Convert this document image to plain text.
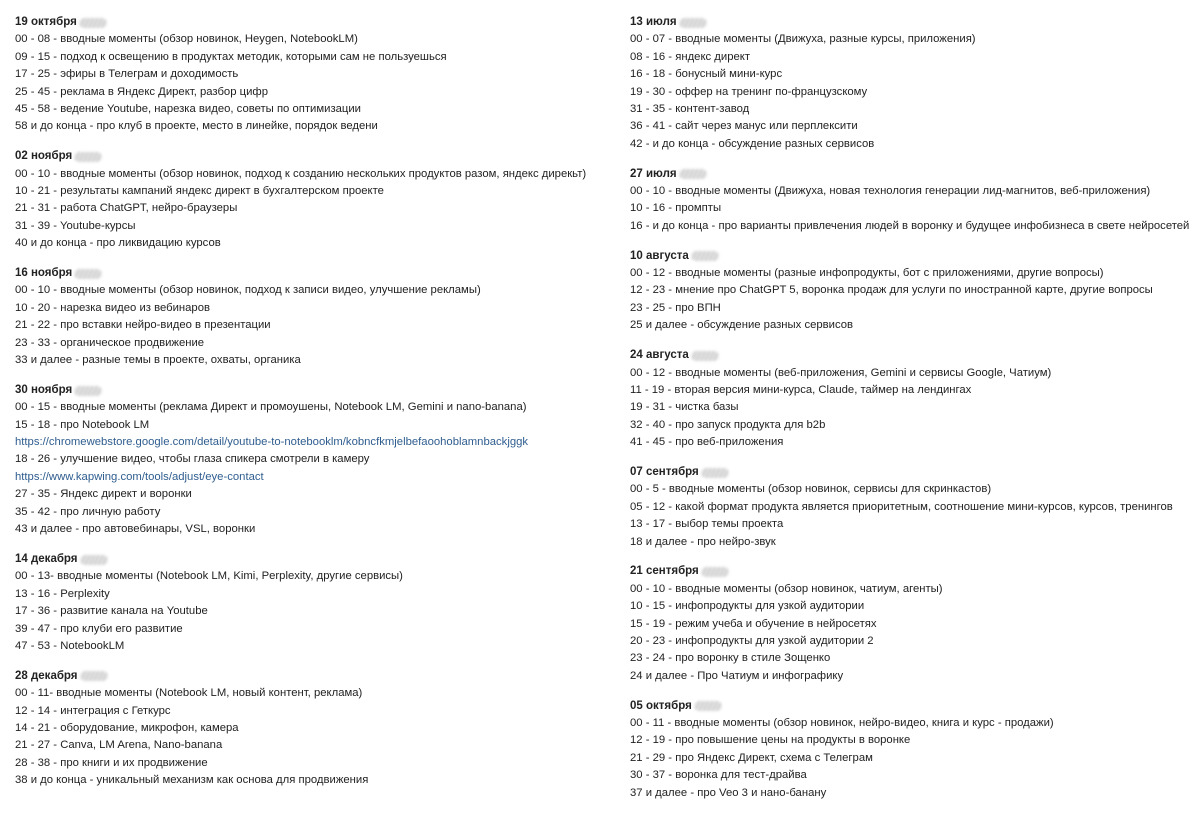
19 октября
00 - 08 - вводные моменты (обзор новинок, Heygen, NotebookLM)
09 - 15 - подход к освещению в продуктах методик, которыми сам не пользуешься
17 - 25 - эфиры в Телеграм и доходимость
25 - 45 - реклама в Яндекс Директ, разбор цифр
45 - 58 - ведение Youtube, нарезка видео, советы по оптимизации
58 и до конца - про клуб в проекте, место в линейке, порядок ведени
02 ноября
00 - 10 - вводные моменты (обзор новинок, подход к созданию нескольких продуктов разом, яндекс дирекьт)
10 - 21 - результаты кампаний яндекс директ в бухгалтерском проекте
21 - 31 - работа ChatGPT, нейро-браузеры
31 - 39 - Youtube-курсы
40 и до конца - про ликвидацию курсов
16 ноября
00 - 10 - вводные моменты (обзор новинок, подход к записи видео, улучшение рекламы)
10 - 20 - нарезка видео из вебинаров
21 - 22 - про вставки нейро-видео в презентации
23 - 33 - органическое продвижение
33 и далее - разные темы в проекте, охваты, органика
30 ноября
00 - 15 - вводные моменты (реклама Директ и промоушены, Notebook LM, Gemini и nano-banana)
15 - 18 - про Notebook LM
https://chromewebstore.google.com/detail/youtube-to-notebooklm/kobncfkmjelbefaoohoblamnbackjggk
18 - 26 - улучшение видео, чтобы глаза спикера смотрели в камеру
https://www.kapwing.com/tools/adjust/eye-contact
27 - 35 - Яндекс директ и воронки
35 - 42 - про личную работу
43 и далее - про автовебинары, VSL, воронки
14 декабря
00 - 13- вводные моменты (Notebook LM, Kimi, Perplexity, другие сервисы)
13 - 16 - Perplexity
17 - 36 - развитие канала на Youtube
39 - 47 - про клуби его развитие
47 - 53 - NotebookLM
28 декабря
00 - 11- вводные моменты (Notebook LM, новый контент, реклама)
12 - 14 - интеграция с Геткурс
14 - 21 - оборудование, микрофон, камера
21 - 27 - Canva, LM Arena, Nano-banana
28 - 38 - про книги и их продвижение
38 и до конца - уникальный механизм как основа для продвижения
13 июля
00 - 07 - вводные моменты (Движуха, разные курсы, приложения)
08 - 16 - яндекс директ
16 - 18 - бонусный мини-курс
19 - 30 - оффер на тренинг по-французскому
31 - 35 - контент-завод
36 - 41 - сайт через манус или перплексити
42 - и до конца - обсуждение разных сервисов
27 июля
00 - 10 - вводные моменты (Движуха, новая технология генерации лид-магнитов, веб-приложения)
10 - 16 - промпты
16 - и до конца - про варианты привлечения людей в воронку и будущее инфобизнеса в свете нейросетей
10 августа
00 - 12 - вводные моменты (разные инфопродукты, бот с приложениями, другие вопросы)
12 - 23 - мнение про ChatGPT 5, воронка продаж для услуги по иностранной карте, другие вопросы
23 - 25 - про ВПН
25 и далее - обсуждение разных сервисов
24 августа
00 - 12 - вводные моменты (веб-приложения, Gemini и сервисы Google, Чатиум)
11 - 19 - вторая версия мини-курса, Claude, таймер на лендингах
19 - 31 - чистка базы
32 - 40 - про запуск продукта для b2b
41 - 45 - про веб-приложения
07 сентября
00 - 5 - вводные моменты (обзор новинок, сервисы для скринкастов)
05 - 12 - какой формат продукта является приоритетным, соотношение мини-курсов, курсов, тренингов
13 - 17 - выбор темы проекта
18 и далее - про нейро-звук
21 сентября
00 - 10 - вводные моменты (обзор новинок, чатиум, агенты)
10 - 15 - инфопродукты для узкой аудитории
15 - 19 - режим учеба и обучение в нейросетях
20 - 23 - инфопродукты для узкой аудитории 2
23 - 24 - про воронку в стиле Зощенко
24 и далее - Про Чатиум и инфографику
05 октября
00 - 11 - вводные моменты (обзор новинок, нейро-видео, книга и курс - продажи)
12 - 19 - про повышение цены на продукты в воронке
21 - 29 - про Яндекс Директ, схема с Телеграм
30 - 37 - воронка для тест-драйва
37 и далее - про Veo 3 и нано-банану
